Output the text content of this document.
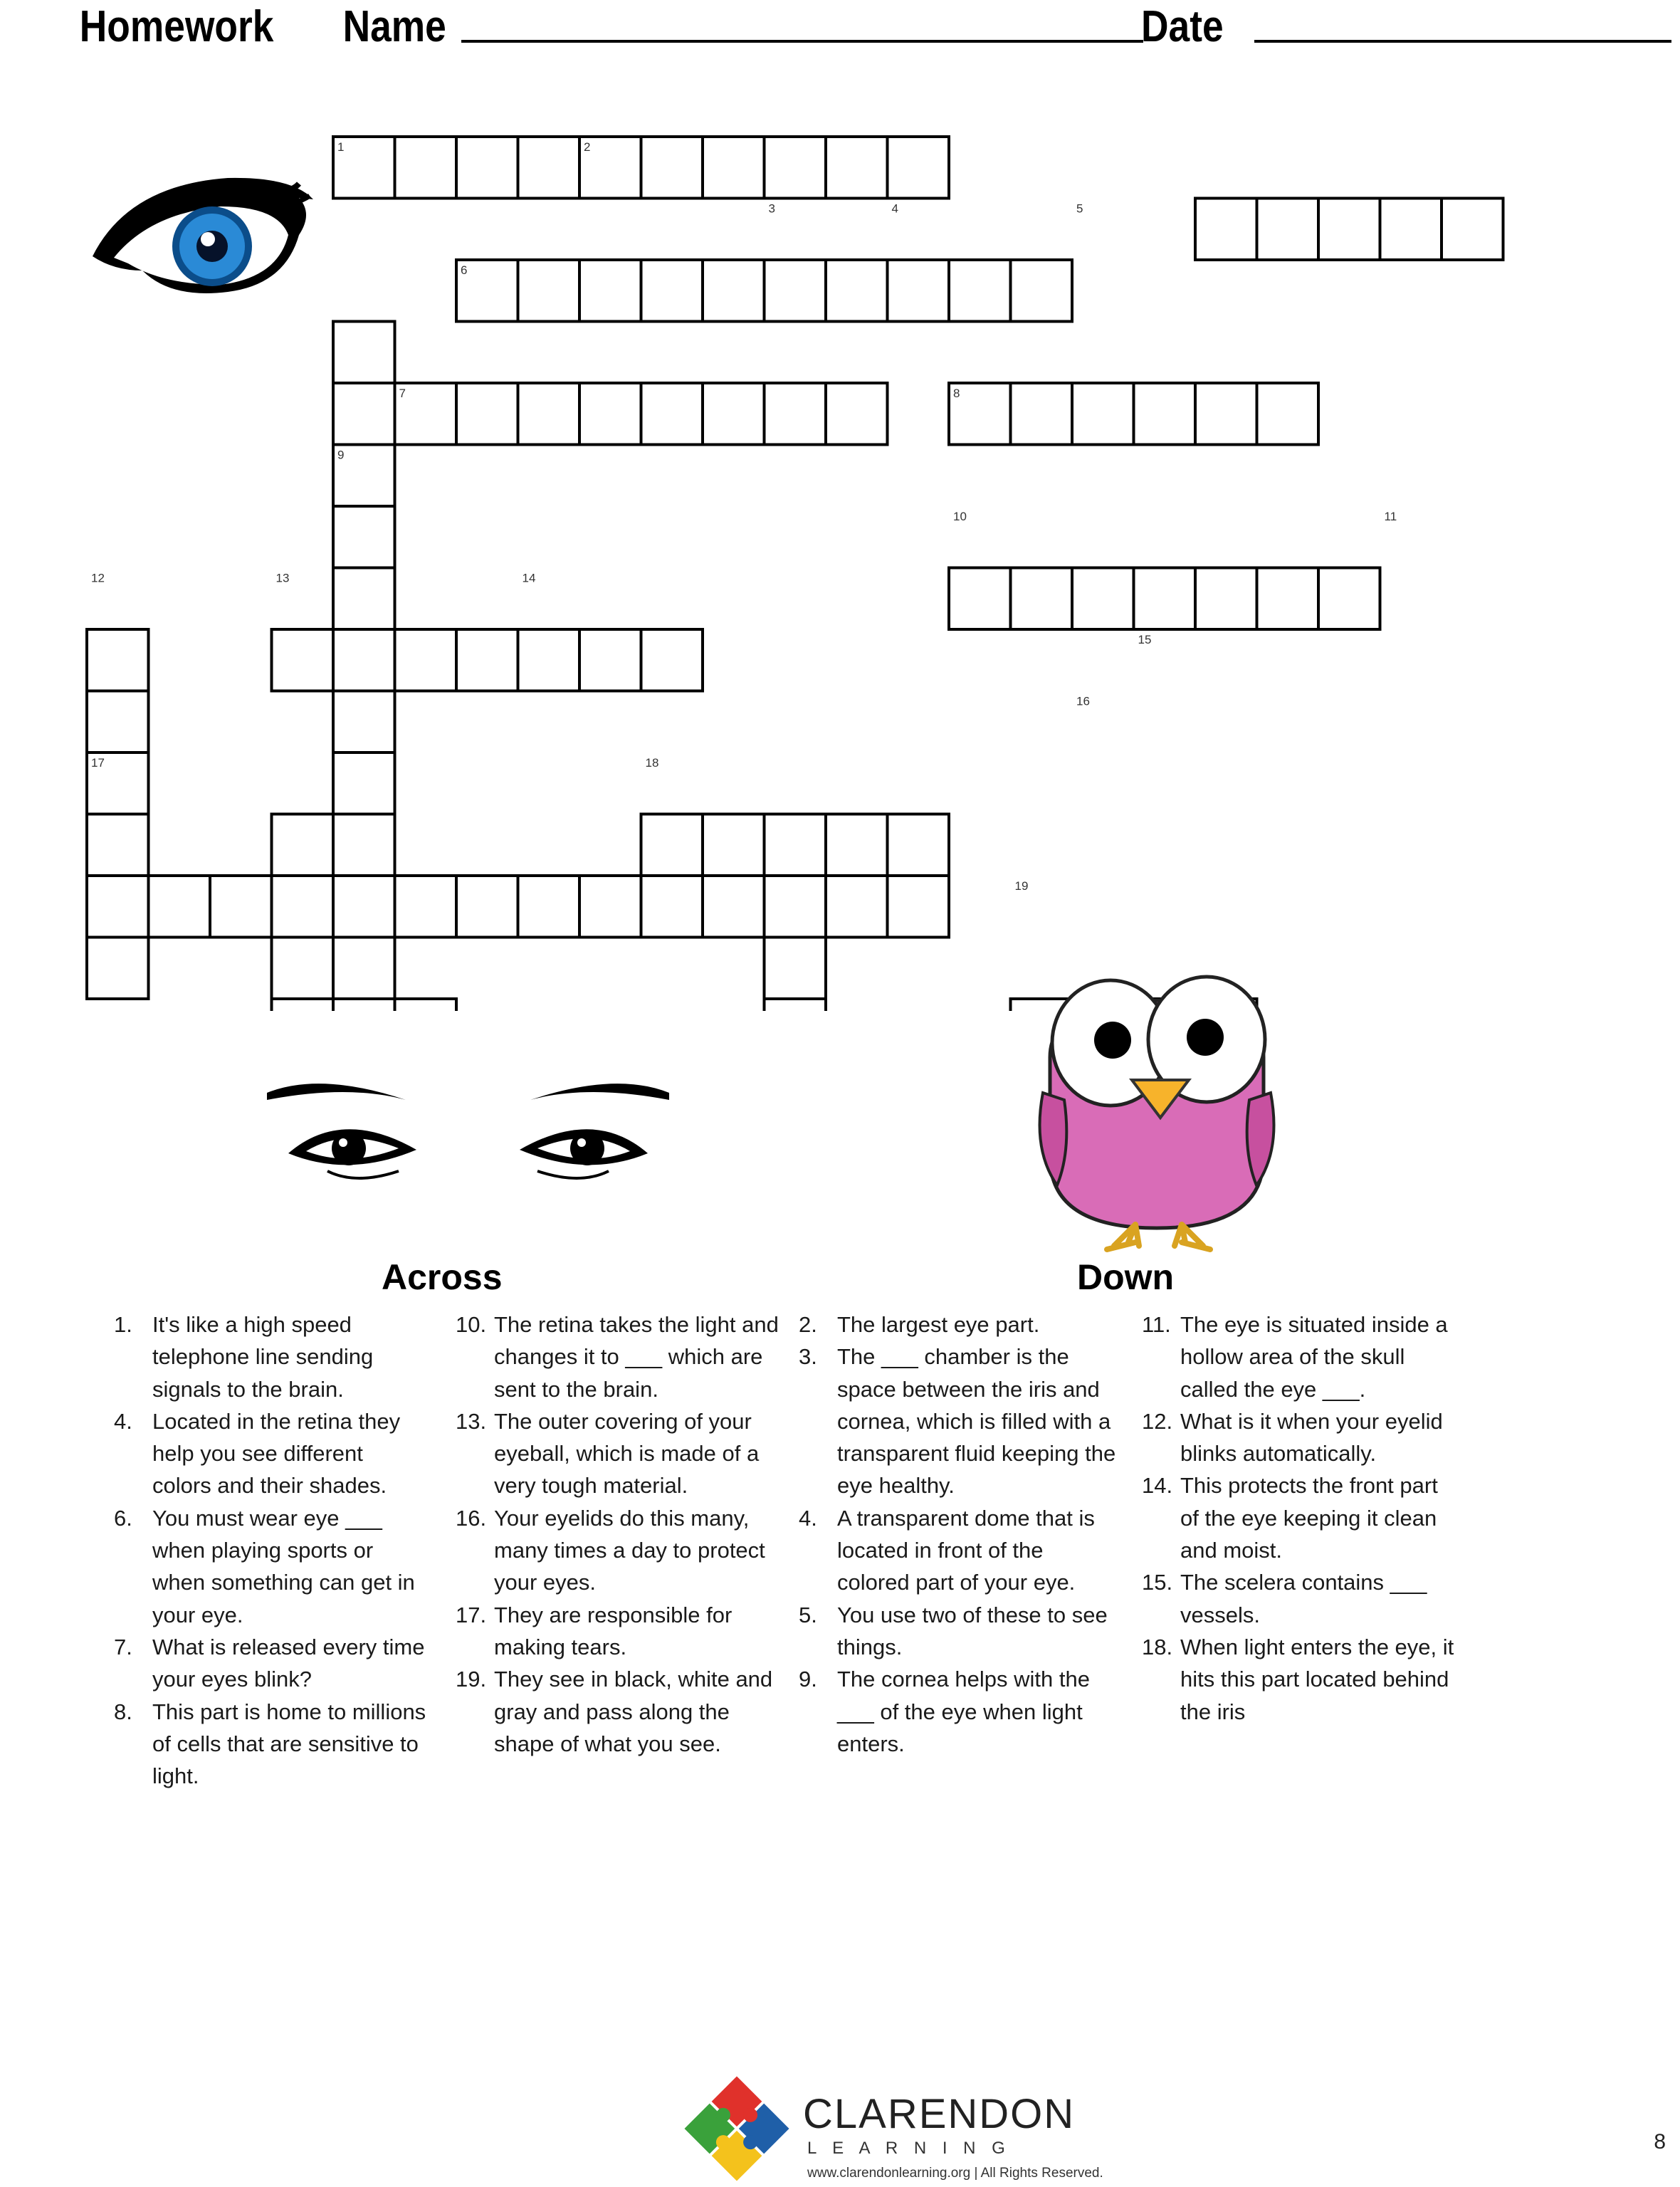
Homework Name	Date
1	2
3	4	5
6
7	8
9
10	11
12	13	14
15
16
17	18
19
Across	Down
1. It's like a high speed telephone line sending signals to the brain.
4. Located in the retina they help you see different colors and their shades.
6. You must wear eye ___ when playing sports or when something can get in your eye.
7. What is released every time your eyes blink?
8. This part is home to millions of cells that are sensitive to light.
10. The retina takes the light and changes it to ___ which are sent to the brain.
13. The outer covering of your eyeball, which is made of a very tough material.
16. Your eyelids do this many, many times a day to protect your eyes.
17. They are responsible for making tears.
19. They see in black, white and gray and pass along the shape of what you see.
2. The largest eye part.
3. The ___ chamber is the space between the iris and cornea, which is filled with a transparent fluid keeping the eye healthy.
4. A transparent dome that is located in front of the colored part of your eye.
5. You use two of these to see things.
9. The cornea helps with the ___ of the eye when light enters.
11. The eye is situated inside a hollow area of the skull called the eye ___.
12. What is it when your eyelid blinks automatically.
14. This protects the front part of the eye keeping it clean and moist.
15. The scelera contains ___ vessels.
18. When light enters the eye, it hits this part located behind the iris
CLARENDON
L E A R N I N G
www.clarendonlearning.org | All Rights Reserved.
8
